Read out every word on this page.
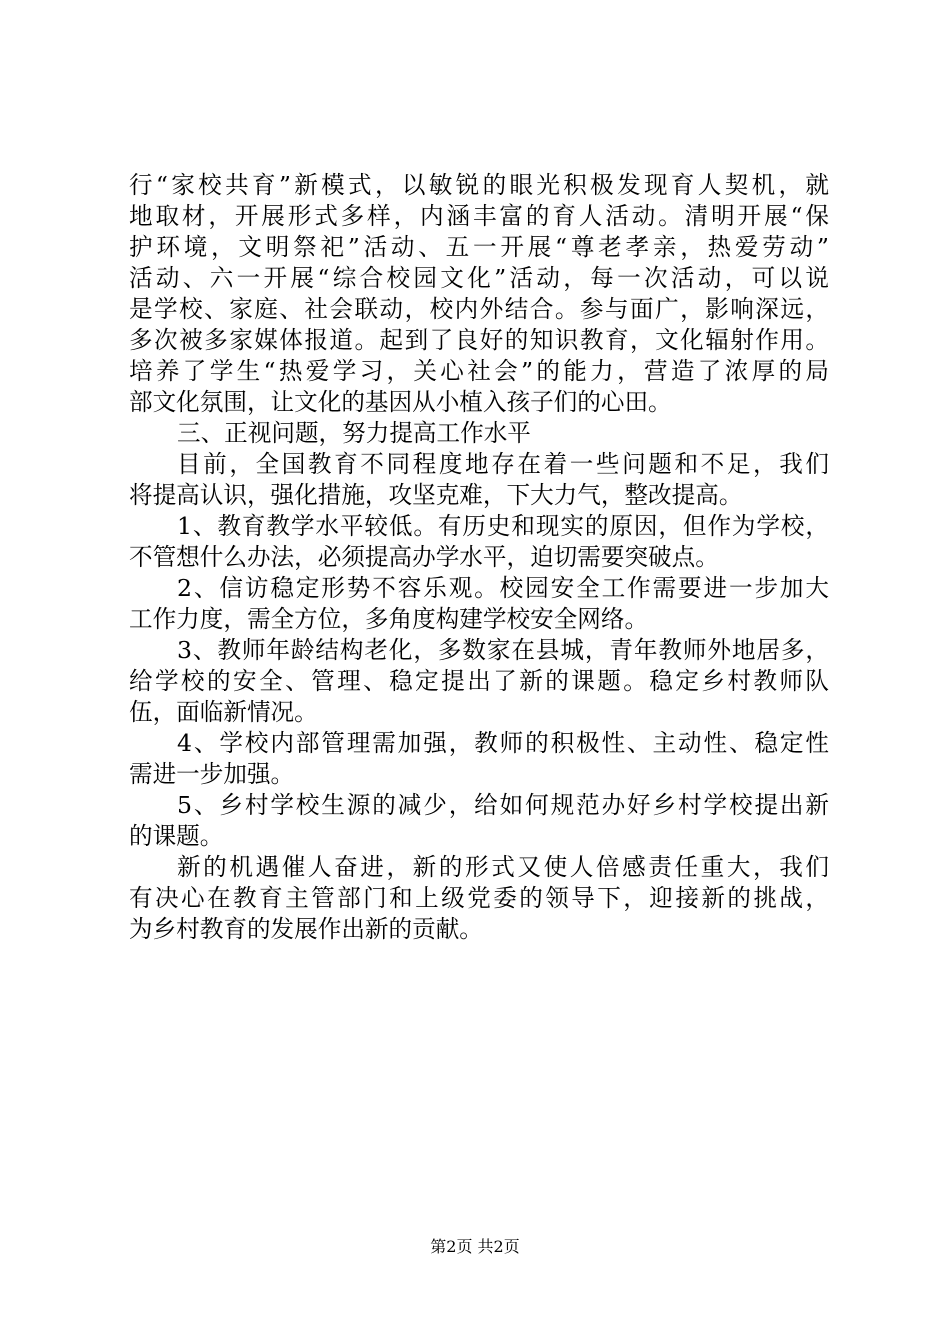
行“家校共育”新模式，以敏锐的眼光积极发现育人契机，就
地取材，开展形式多样，内涵丰富的育人活动。清明开展“保
护环境，文明祭祀”活动、五一开展“尊老孝亲，热爱劳动”
活动、六一开展“综合校园文化”活动，每一次活动，可以说
是学校、家庭、社会联动，校内外结合。参与面广，影响深远，
多次被多家媒体报道。起到了良好的知识教育，文化辐射作用。
培养了学生“热爱学习，关心社会”的能力，营造了浓厚的局
部文化氛围，让文化的基因从小植入孩子们的心田。
三、正视问题，努力提高工作水平
目前，全国教育不同程度地存在着一些问题和不足，我们
将提高认识，强化措施，攻坚克难，下大力气，整改提高。
1、教育教学水平较低。有历史和现实的原因，但作为学校，
不管想什么办法，必须提高办学水平，迫切需要突破点。
2、信访稳定形势不容乐观。校园安全工作需要进一步加大
工作力度，需全方位，多角度构建学校安全网络。
3、教师年龄结构老化，多数家在县城，青年教师外地居多，
给学校的安全、管理、稳定提出了新的课题。稳定乡村教师队
伍，面临新情况。
4、学校内部管理需加强，教师的积极性、主动性、稳定性
需进一步加强。
5、乡村学校生源的减少，给如何规范办好乡村学校提出新
的课题。
新的机遇催人奋进，新的形式又使人倍感责任重大，我们
有决心在教育主管部门和上级党委的领导下，迎接新的挑战，
为乡村教育的发展作出新的贡献。
第2页 共2页
